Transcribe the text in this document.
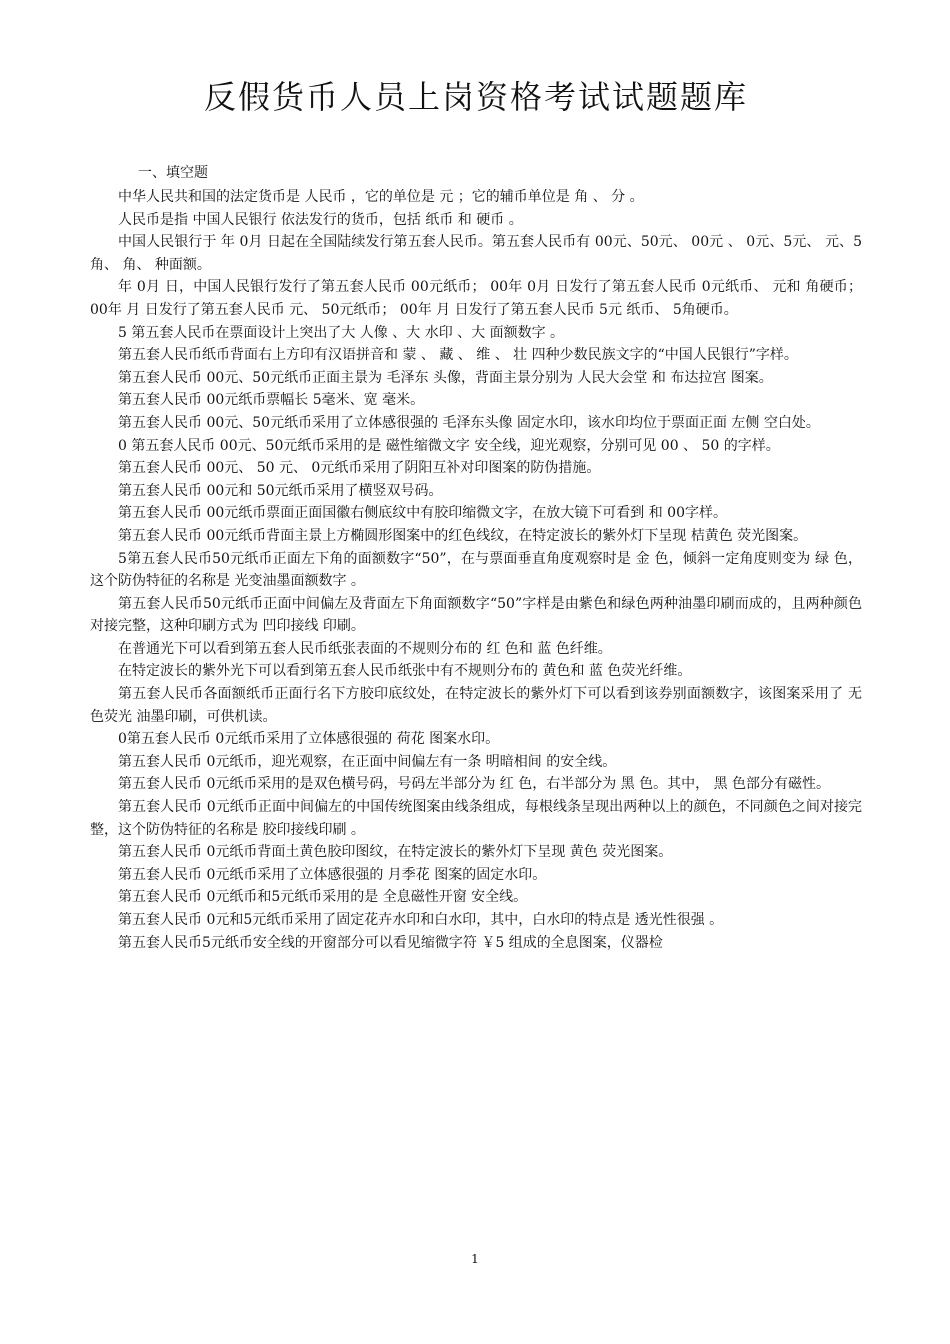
反假货币人员上岗资格考试试题题库
一、填空题

中华人民共和国的法定货币是 人民币 ，它的单位是 元 ；它的辅币单位是 角 、 分 。

人民币是指 中国人民银行 依法发行的货币，包括 纸币 和 硬币 。

中国人民银行于 年 0月 日起在全国陆续发行第五套人民币。第五套人民币有 00元、50元、 00元 、 0元、5元、 元、5角、 角、 种面额。

年 0月 日，中国人民银行发行了第五套人民币 00元纸币； 00年 0月 日发行了第五套人民币 0元纸币、 元和 角硬币； 00年 月 日发行了第五套人民币 元、 50元纸币； 00年 月 日发行了第五套人民币 5元 纸币、 5角硬币。

5 第五套人民币在票面设计上突出了大 人像 、大 水印 、大 面额数字 。

第五套人民币纸币背面右上方印有汉语拼音和 蒙 、 藏 、 维 、 壮 四种少数民族文字的“中国人民银行”字样。

第五套人民币 00元、50元纸币正面主景为 毛泽东 头像，背面主景分别为 人民大会堂 和 布达拉宫 图案。

第五套人民币 00元纸币票幅长 5毫米、宽 毫米。

第五套人民币 00元、50元纸币采用了立体感很强的 毛泽东头像 固定水印，该水印均位于票面正面 左侧 空白处。

0 第五套人民币 00元、50元纸币采用的是 磁性缩微文字 安全线，迎光观察，分别可见 00 、 50 的字样。

第五套人民币 00元、 50 元、 0元纸币采用了阴阳互补对印图案的防伪措施。

第五套人民币 00元和 50元纸币采用了横竖双号码。

第五套人民币 00元纸币票面正面国徽右侧底纹中有胶印缩微文字，在放大镜下可看到 和 00字样。

第五套人民币 00元纸币背面主景上方椭圆形图案中的红色线纹，在特定波长的紫外灯下呈现 桔黄色 荧光图案。

5第五套人民币50元纸币正面左下角的面额数字“50”，在与票面垂直角度观察时是 金 色，倾斜一定角度则变为 绿 色，这个防伪特征的名称是 光变油墨面额数字 。

第五套人民币50元纸币正面中间偏左及背面左下角面额数字“50”字样是由紫色和绿色两种油墨印刷而成的，且两种颜色对接完整，这种印刷方式为 凹印接线 印刷。

在普通光下可以看到第五套人民币纸张表面的不规则分布的 红 色和 蓝 色纤维。

在特定波长的紫外光下可以看到第五套人民币纸张中有不规则分布的 黄色和 蓝 色荧光纤维。

第五套人民币各面额纸币正面行名下方胶印底纹处，在特定波长的紫外灯下可以看到该券别面额数字，该图案采用了 无色荧光 油墨印刷，可供机读。

0第五套人民币 0元纸币采用了立体感很强的 荷花 图案水印。

第五套人民币 0元纸币，迎光观察，在正面中间偏左有一条 明暗相间 的安全线。

第五套人民币 0元纸币采用的是双色横号码，号码左半部分为 红 色，右半部分为 黑 色。其中， 黑 色部分有磁性。

第五套人民币 0元纸币正面中间偏左的中国传统图案由线条组成，每根线条呈现出两种以上的颜色，不同颜色之间对接完整，这个防伪特征的名称是 胶印接线印刷 。

第五套人民币 0元纸币背面土黄色胶印图纹，在特定波长的紫外灯下呈现 黄色 荧光图案。

第五套人民币 0元纸币采用了立体感很强的 月季花 图案的固定水印。

第五套人民币 0元纸币和5元纸币采用的是 全息磁性开窗 安全线。

第五套人民币 0元和5元纸币采用了固定花卉水印和白水印，其中，白水印的特点是 透光性很强 。

第五套人民币5元纸币安全线的开窗部分可以看见缩微字符 ￥5 组成的全息图案，仪器检

1
